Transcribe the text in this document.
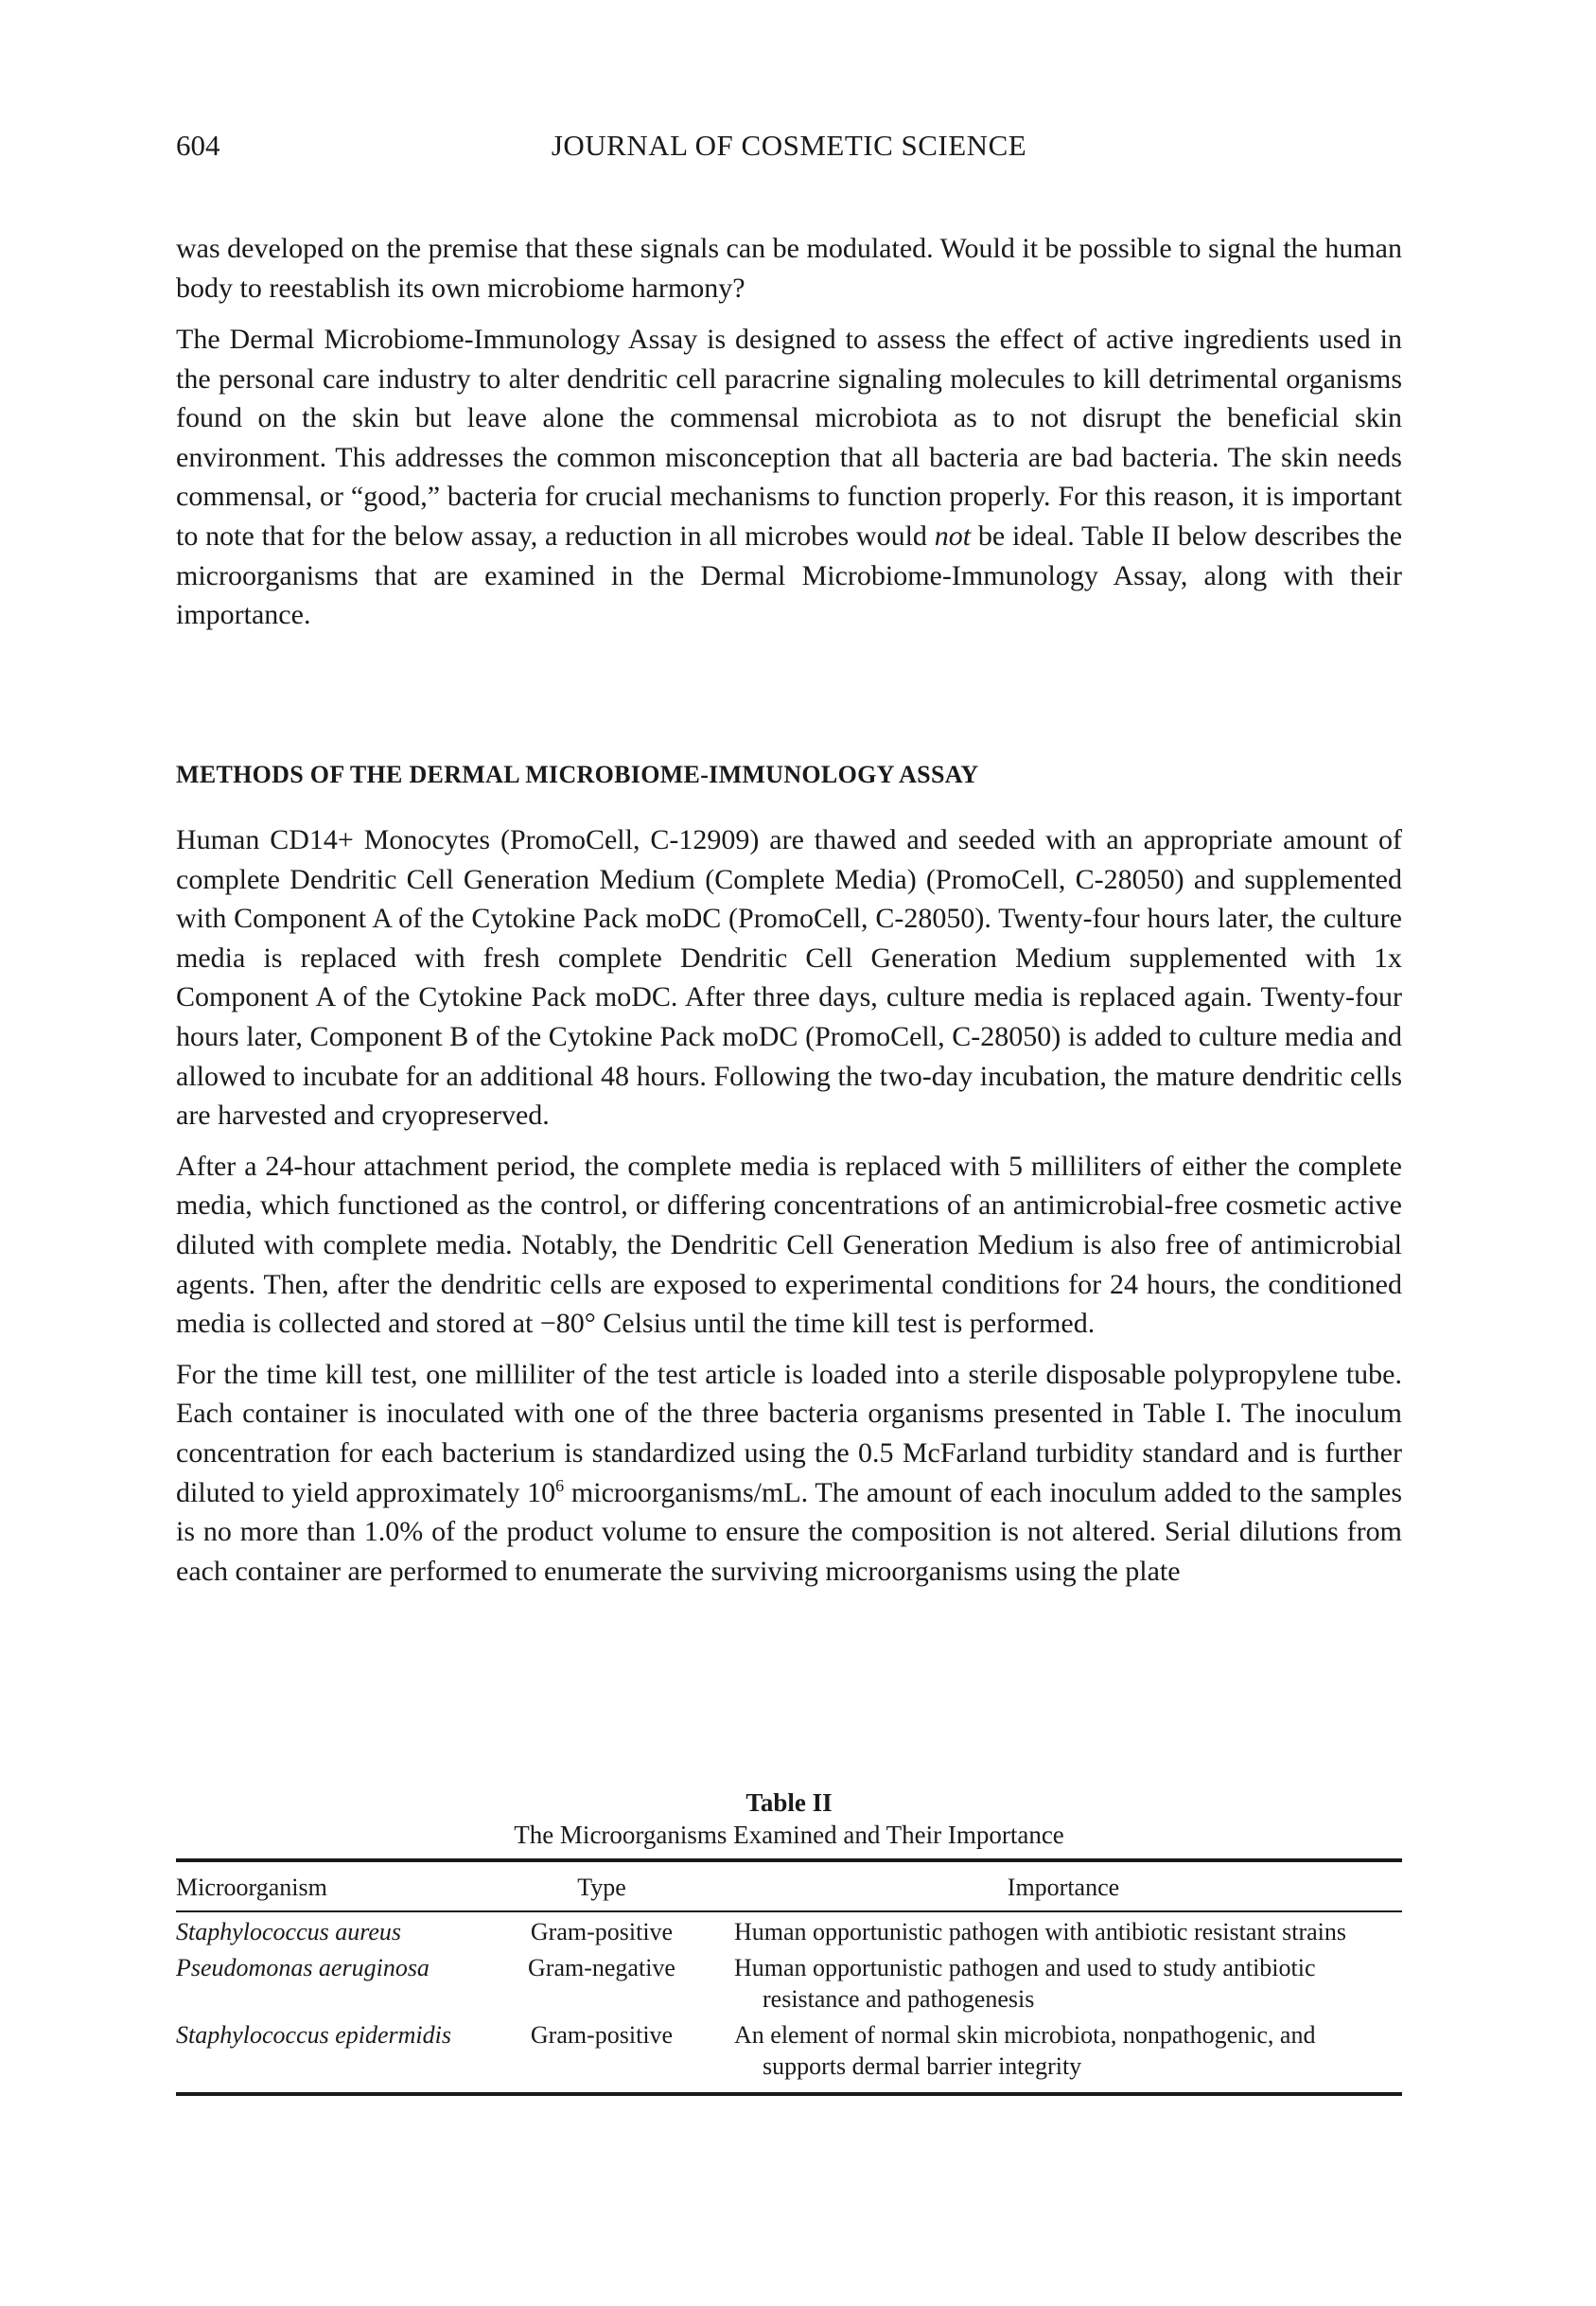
604	JOURNAL OF COSMETIC SCIENCE

was developed on the premise that these signals can be modulated. Would it be possible to signal the human body to reestablish its own microbiome harmony?

The Dermal Microbiome-Immunology Assay is designed to assess the effect of active ingredients used in the personal care industry to alter dendritic cell paracrine signaling molecules to kill detrimental organisms found on the skin but leave alone the commensal microbiota as to not disrupt the beneficial skin environment. This addresses the common misconception that all bacteria are bad bacteria. The skin needs commensal, or “good,” bacteria for crucial mechanisms to function properly. For this reason, it is important to note that for the below assay, a reduction in all microbes would not be ideal. Table II below describes the microorganisms that are examined in the Dermal Microbiome-Immunology Assay, along with their importance.

METHODS OF THE DERMAL MICROBIOME-IMMUNOLOGY ASSAY

Human CD14+ Monocytes (PromoCell, C-12909) are thawed and seeded with an appropriate amount of complete Dendritic Cell Generation Medium (Complete Media) (PromoCell, C-28050) and supplemented with Component A of the Cytokine Pack moDC (PromoCell, C-28050). Twenty-four hours later, the culture media is replaced with fresh complete Dendritic Cell Generation Medium supplemented with 1x Component A of the Cytokine Pack moDC. After three days, culture media is replaced again. Twenty-four hours later, Component B of the Cytokine Pack moDC (PromoCell, C-28050) is added to culture media and allowed to incubate for an additional 48 hours. Following the two-day incubation, the mature dendritic cells are harvested and cryopreserved.

After a 24-hour attachment period, the complete media is replaced with 5 milliliters of either the complete media, which functioned as the control, or differing concentrations of an antimicrobial-free cosmetic active diluted with complete media. Notably, the Dendritic Cell Generation Medium is also free of antimicrobial agents. Then, after the dendritic cells are exposed to experimental conditions for 24 hours, the conditioned media is collected and stored at −80° Celsius until the time kill test is performed.

For the time kill test, one milliliter of the test article is loaded into a sterile disposable polypropylene tube. Each container is inoculated with one of the three bacteria organisms presented in Table I. The inoculum concentration for each bacterium is standardized using the 0.5 McFarland turbidity standard and is further diluted to yield approximately $10^6$ microorganisms/mL. The amount of each inoculum added to the samples is no more than 1.0% of the product volume to ensure the composition is not altered. Serial dilutions from each container are performed to enumerate the surviving microorganisms using the plate

Table II
The Microorganisms Examined and Their Importance
Microorganism	Type	Importance

Staphylococcus aureus	Gram-positive	Human opportunistic pathogen with antibiotic resistant strains

Pseudomonas aeruginosa	Gram-negative	Human opportunistic pathogen and used to study antibiotic resistance and pathogenesis

Staphylococcus epidermidis	Gram-positive	An element of normal skin microbiota, nonpathogenic, and supports dermal barrier integrity
